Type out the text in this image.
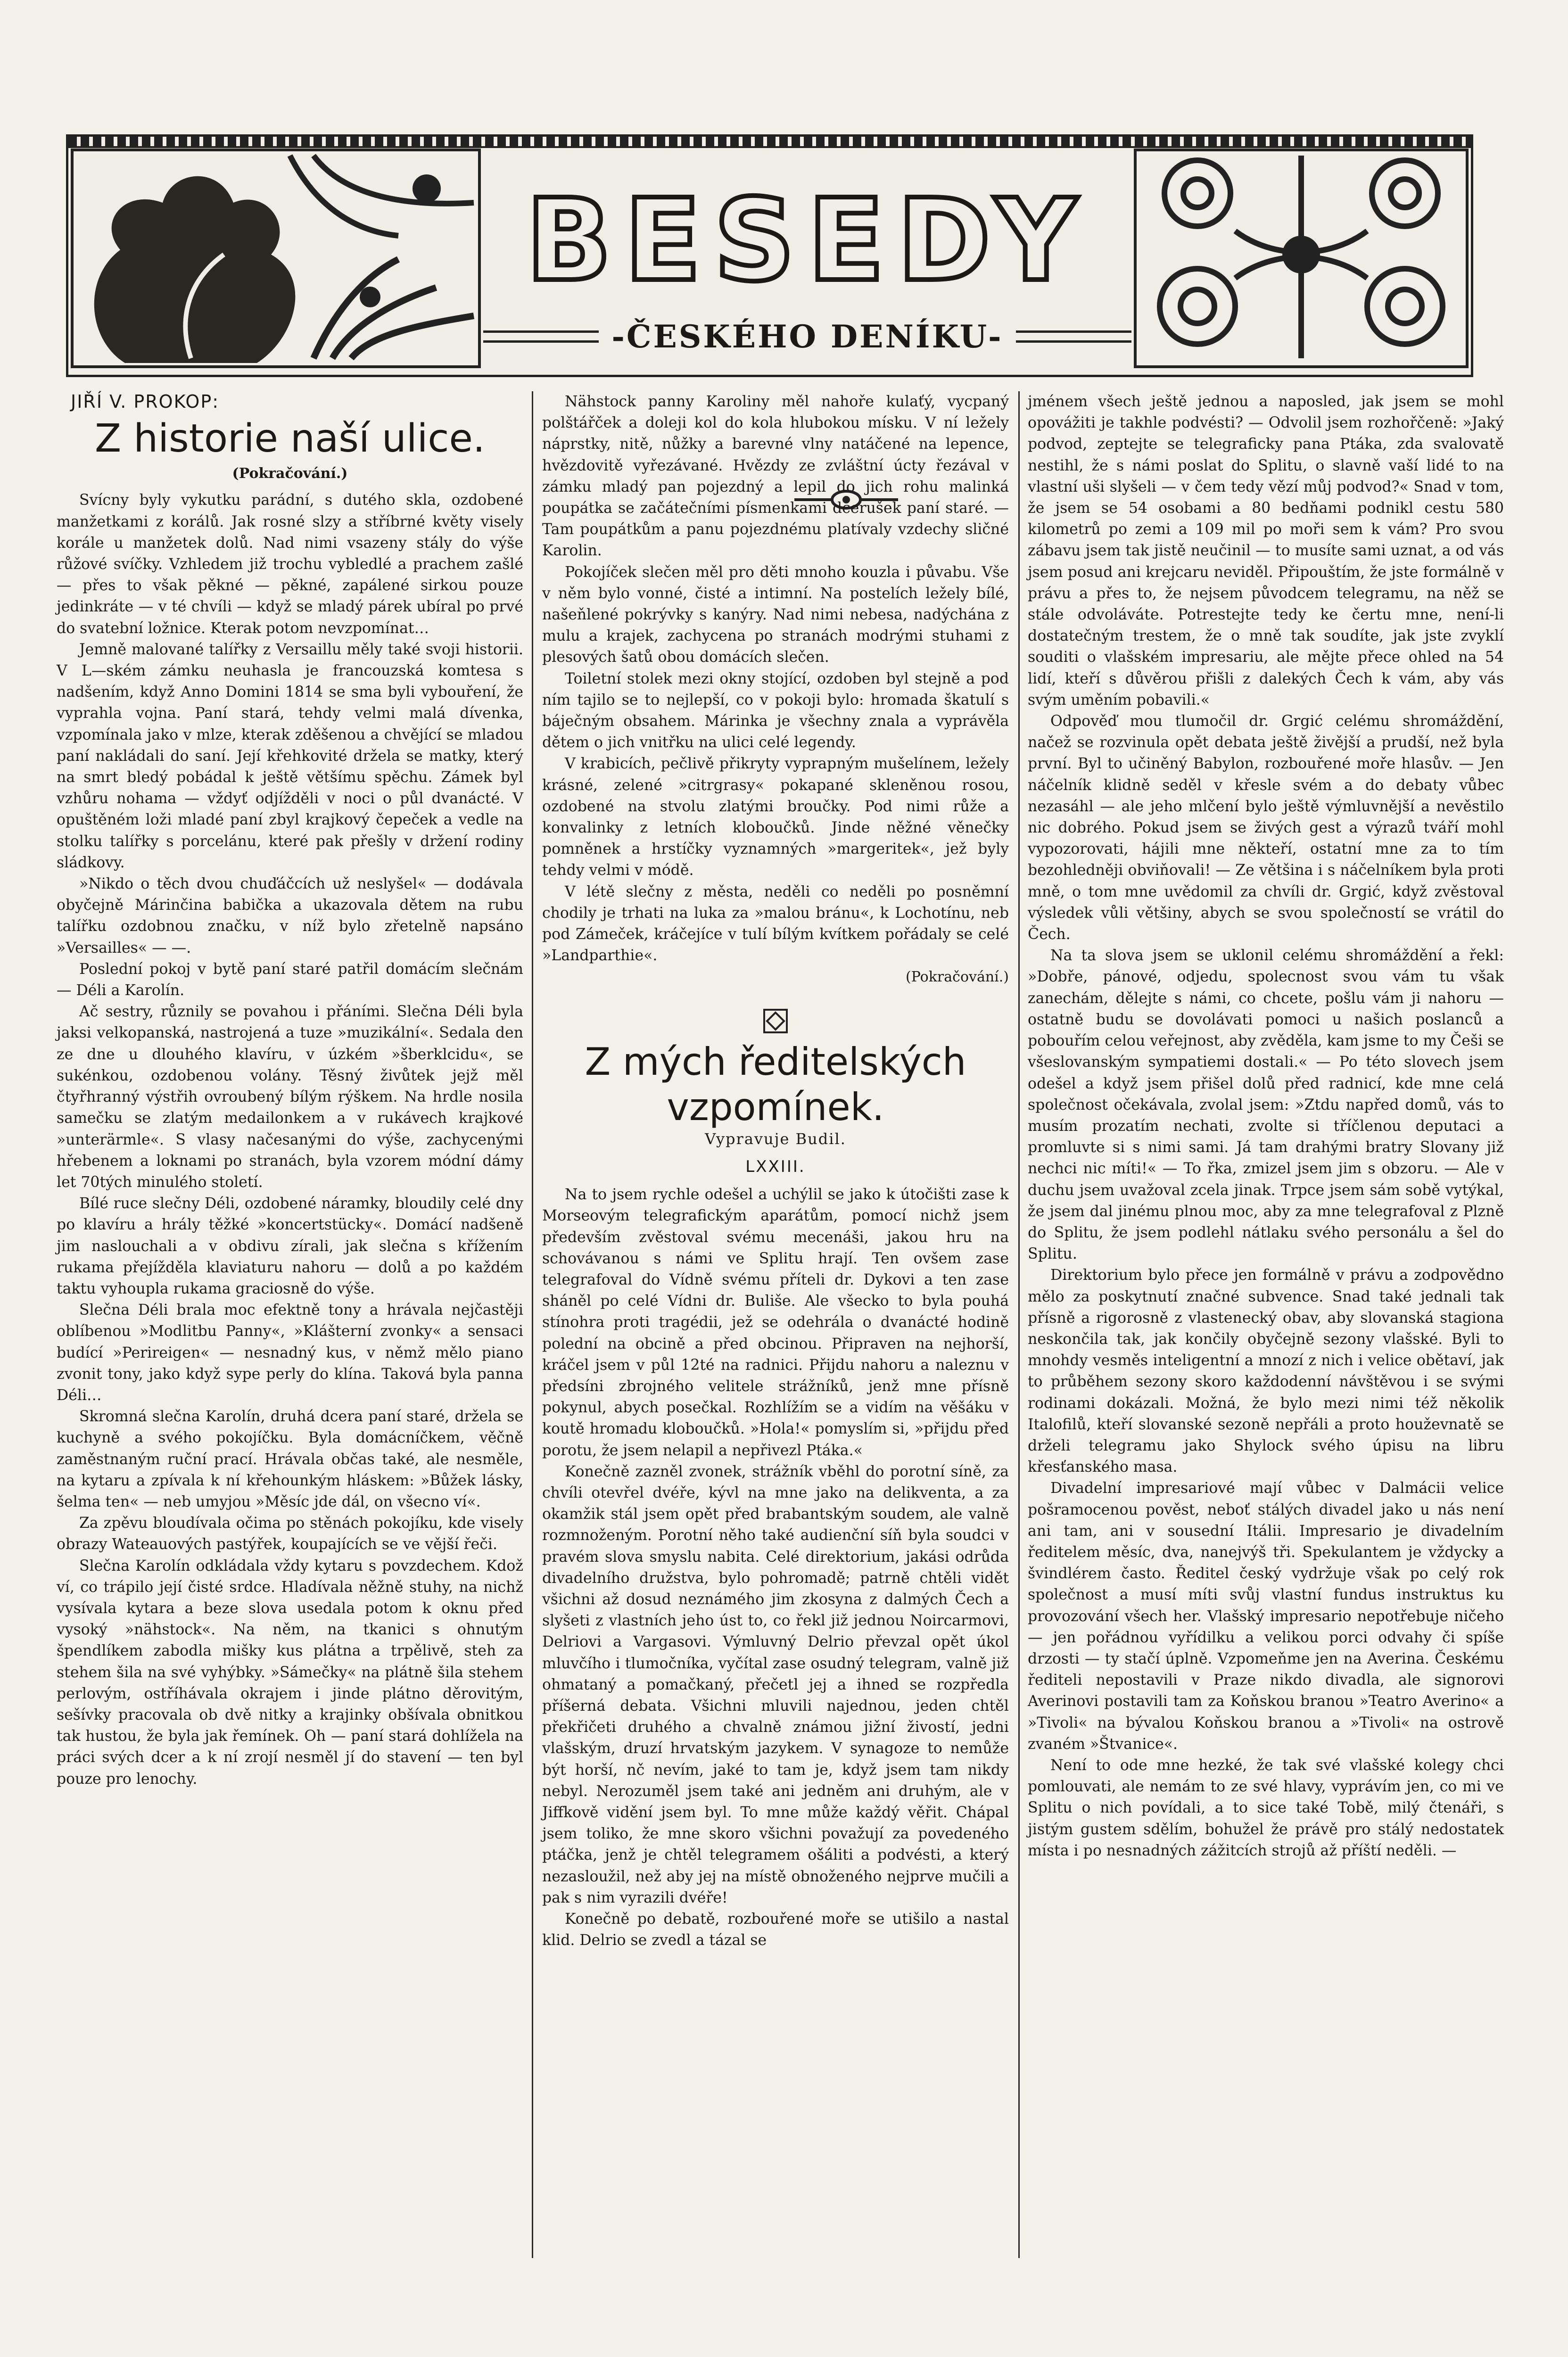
BESEDY
-ČESKÉHO DENÍKU-
JIŘÍ V. PROKOP:
Z historie naší ulice.
(Pokračování.)

Svícny byly vykutku parádní, s dutého skla, ozdobené manžetkami z korálů. Jak rosné slzy a stříbrné květy visely korále u manžetek dolů. Nad nimi vsazeny stály do výše růžové svíčky. Vzhledem již trochu vybledlé a prachem zašlé — přes to však pěkné — pěkné, zapálené sirkou pouze jedinkráte — v té chvíli — když se mladý párek ubíral po prvé do svatební ložnice. Kterak potom nevzpomínat…

Jemně malované talířky z Versaillu měly také svoji historii. V L—ském zámku neuhasla je francouzská komtesa s nadšením, když Anno Domini 1814 se sma byli vybouření, že vyprahla vojna. Paní stará, tehdy velmi malá dívenka, vzpomínala jako v mlze, kterak zděšenou a chvějící se mladou paní nakládali do saní. Její křehkovité držela se matky, který na smrt bledý pobádal k ještě většímu spěchu. Zámek byl vzhůru nohama — vždyť odjížděli v noci o půl dvanácté. V opuštěném loži mladé paní zbyl krajkový čepeček a vedle na stolku talířky s porcelánu, které pak přešly v držení rodiny sládkovy.

»Nikdo o těch dvou chuďáčcích už neslyšel« — dodávala obyčejně Márinčina babička a ukazovala dětem na rubu talířku ozdobnou značku, v níž bylo zřetelně napsáno »Versailles« — —.

Poslední pokoj v bytě paní staré patřil domácím slečnám — Déli a Karolín.

Ač sestry, různily se povahou i přáními. Slečna Déli byla jaksi velkopanská, nastrojená a tuze »muzikální«. Sedala den ze dne u dlouhého klavíru, v úzkém »šberklcidu«, se sukénkou, ozdobenou volány. Těsný živůtek jejž měl čtyřhranný výstřih ovroubený bílým rýškem. Na hrdle nosila samečku se zlatým medailonkem a v rukávech krajkové »unterärmle«. S vlasy načesanými do výše, zachycenými hřebenem a loknami po stranách, byla vzorem módní dámy let 70tých minulého století.

Bílé ruce slečny Déli, ozdobené náramky, bloudily celé dny po klavíru a hrály těžké »koncertstücky«. Domácí nadšeně jim naslouchali a v obdivu zírali, jak slečna s křížením rukama přejížděla klaviaturu nahoru — dolů a po každém taktu vyhoupla rukama graciosně do výše.

Slečna Déli brala moc efektně tony a hrávala nejčastěji oblíbenou »Modlitbu Panny«, »Klášterní zvonky« a sensaci budící »Perireigen« — nesnadný kus, v němž mělo piano zvonit tony, jako když sype perly do klína. Taková byla panna Déli…

Skromná slečna Karolín, druhá dcera paní staré, držela se kuchyně a svého pokojíčku. Byla domácníčkem, věčně zaměstnaným ruční prací. Hrávala občas také, ale nesměle, na kytaru a zpívala k ní křehounkým hláskem: »Bůžek lásky, šelma ten« — neb umyjou »Měsíc jde dál, on všecno ví«.

Za zpěvu bloudívala očima po stěnách pokojíku, kde visely obrazy Wateauových pastýřek, koupajících se ve vější řeči.

Slečna Karolín odkládala vždy kytaru s povzdechem. Kdož ví, co trápilo její čisté srdce. Hladívala něžně stuhy, na nichž vysívala kytara a beze slova usedala potom k oknu před vysoký »nähstock«. Na něm, na tkanici s ohnutým špendlíkem zabodla mišky kus plátna a trpělivě, steh za stehem šila na své vyhýbky. »Sámečky« na plátně šila stehem perlovým, ostříhávala okrajem i jinde plátno děrovitým, sešívky pracovala ob dvě nitky a krajinky obšívala obnitkou tak hustou, že byla jak řemínek. Oh — paní stará dohlížela na práci svých dcer a k ní zrojí nesměl jí do stavení — ten byl pouze pro lenochy.

Nähstock panny Karoliny měl nahoře kulaťý, vycpaný polštářček a doleji kol do kola hlubokou mísku. V ní ležely náprstky, nitě, nůžky a barevné vlny natáčené na lepence, hvězdovitě vyřezávané. Hvězdy ze zvláštní úcty řezával v zámku mladý pan pojezdný a lepil do jich rohu malinká poupátka se začátečními písmenkami dcerušek paní staré. — Tam poupátkům a panu pojezdnému platívaly vzdechy sličné Karolin.

Pokojíček slečen měl pro děti mnoho kouzla i půvabu. Vše v něm bylo vonné, čisté a intimní. Na postelích ležely bílé, našeňlené pokrývky s kanýry. Nad nimi nebesa, nadýchána z mulu a krajek, zachycena po stranách modrými stuhami z plesových šatů obou domácích slečen.

Toiletní stolek mezi okny stojící, ozdoben byl stejně a pod ním tajilo se to nejlepší, co v pokoji bylo: hromada škatulí s báječným obsahem. Márinka je všechny znala a vyprávěla dětem o jich vnitřku na ulici celé legendy.

V krabicích, pečlivě přikryty vyprapným mušelínem, ležely krásné, zelené »citrgrasy« pokapané skleněnou rosou, ozdobené na stvolu zlatými broučky. Pod nimi růže a konvalinky z letních kloboučků. Jinde něžné věnečky pomněnek a hrstíčky vyznamných »margeritek«, jež byly tehdy velmi v módě.

V létě slečny z města, neděli co neděli po posněmní chodily je trhati na luka za »malou bránu«, k Lochotínu, neb pod Zámeček, kráčejíce v tulí bílým kvítkem pořádaly se celé »Landparthie«.

(Pokračování.)

Z mých ředitelských
vzpomínek.
Vypravuje Budil.
LXXIII.

Na to jsem rychle odešel a uchýlil se jako k útočišti zase k Morseovým telegrafickým aparátům, pomocí nichž jsem především zvěstoval svému mecenáši, jakou hru na schovávanou s námi ve Splitu hrají. Ten ovšem zase telegrafoval do Vídně svému příteli dr. Dykovi a ten zase sháněl po celé Vídni dr. Buliše. Ale všecko to byla pouhá stínohra proti tragédii, jež se odehrála o dvanácté hodině polední na obcině a před obcinou. Připraven na nejhorší, kráčel jsem v půl 12té na radnici. Přijdu nahoru a naleznu v předsíni zbrojného velitele strážníků, jenž mne přísně pokynul, abych posečkal. Rozhlížím se a vidím na věšáku v koutě hromadu kloboučků. »Hola!« pomyslím si, »přijdu před porotu, že jsem nelapil a nepřivezl Ptáka.«

Konečně zazněl zvonek, strážník vběhl do porotní síně, za chvíli otevřel dvéře, kývl na mne jako na delikventa, a za okamžik stál jsem opět před brabantským soudem, ale valně rozmnoženým. Porotní něho také audienční síň byla soudci v pravém slova smyslu nabita. Celé direktorium, jakási odrůda divadelního družstva, bylo pohromadě; patrně chtěli vidět všichni až dosud neznámého jim zkosyna z dalmých Čech a slyšeti z vlastních jeho úst to, co řekl již jednou Noircarmovi, Delriovi a Vargasovi. Výmluvný Delrio převzal opět úkol mluvčího i tlumočníka, vyčítal zase osudný telegram, valně již ohmataný a pomačkaný, přečetl jej a ihned se rozpředla příšerná debata. Všichni mluvili najednou, jeden chtěl překřičeti druhého a chvalně známou jižní živostí, jedni vlašským, druzí hrvatským jazykem. V synagoze to nemůže být horší, nč nevím, jaké to tam je, když jsem tam nikdy nebyl. Nerozuměl jsem také ani jedněm ani druhým, ale v Jiffkově vidění jsem byl. To mne může každý věřit. Chápal jsem toliko, že mne skoro všichni považují za povedeného ptáčka, jenž je chtěl telegramem ošáliti a podvésti, a který nezasloužil, než aby jej na místě obnoženého nejprve mučili a pak s nim vyrazili dvéře!

Konečně po debatě, rozbouřené moře se utišilo a nastal klid. Delrio se zvedl a tázal se

jménem všech ještě jednou a naposled, jak jsem se mohl opovážiti je takhle podvésti? — Odvolil jsem rozhořčeně: »Jaký podvod, zeptejte se telegraficky pana Ptáka, zda svalovatě nestihl, že s námi poslat do Splitu, o slavně vaší lidé to na vlastní uši slyšeli — v čem tedy vězí můj podvod?« Snad v tom, že jsem se 54 osobami a 80 bedňami podnikl cestu 580 kilometrů po zemi a 109 mil po moři sem k vám? Pro svou zábavu jsem tak jistě neučinil — to musíte sami uznat, a od vás jsem posud ani krejcaru neviděl. Připouštím, že jste formálně v právu a přes to, že nejsem původcem telegramu, na něž se stále odvoláváte. Potrestejte tedy ke čertu mne, není-li dostatečným trestem, že o mně tak soudíte, jak jste zvyklí souditi o vlašském impresariu, ale mějte přece ohled na 54 lidí, kteří s důvěrou přišli z dalekých Čech k vám, aby vás svým uměním pobavili.«

Odpověď mou tlumočil dr. Grgić celému shromáždění, načež se rozvinula opět debata ještě živější a prudší, než byla první. Byl to učiněný Babylon, rozbouřené moře hlasův. — Jen náčelník klidně seděl v křesle svém a do debaty vůbec nezasáhl — ale jeho mlčení bylo ještě výmluvnější a nevěstilo nic dobrého. Pokud jsem se živých gest a výrazů tváří mohl vypozorovati, hájili mne někteří, ostatní mne za to tím bezohledněji obviňovali! — Ze většina i s náčelníkem byla proti mně, o tom mne uvědomil za chvíli dr. Grgić, když zvěstoval výsledek vůli většiny, abych se svou společností se vrátil do Čech.

Na ta slova jsem se uklonil celému shromáždění a řekl: »Dobře, pánové, odjedu, spolecnost svou vám tu však zanechám, dělejte s námi, co chcete, pošlu vám ji nahoru — ostatně budu se dovolávati pomoci u našich poslanců a pobouřím celou veřejnost, aby zvěděla, kam jsme to my Češi se všeslovanským sympatiemi dostali.« — Po této slovech jsem odešel a když jsem přišel dolů před radnicí, kde mne celá společnost očekávala, zvolal jsem: »Ztdu napřed domů, vás to musím prozatím nechati, zvolte si tříčlenou deputaci a promluvte si s nimi sami. Já tam drahými bratry Slovany již nechci nic míti!« — To řka, zmizel jsem jim s obzoru. — Ale v duchu jsem uvažoval zcela jinak. Trpce jsem sám sobě vytýkal, že jsem dal jinému plnou moc, aby za mne telegrafoval z Plzně do Splitu, že jsem podlehl nátlaku svého personálu a šel do Splitu.

Direktorium bylo přece jen formálně v právu a zodpovědno mělo za poskytnutí značné subvence. Snad také jednali tak přísně a rigorosně z vlastenecký obav, aby slovanská stagiona neskončila tak, jak končily obyčejně sezony vlašské. Byli to mnohdy vesměs inteligentní a mnozí z nich i velice obětaví, jak to průběhem sezony skoro každodenní návštěvou i se svými rodinami dokázali. Možná, že bylo mezi nimi též několik Italofilů, kteří slovanské sezoně nepřáli a proto houževnatě se drželi telegramu jako Shylock svého úpisu na libru křesťanského masa.

Divadelní impresariové mají vůbec v Dalmácii velice pošramocenou pověst, neboť stálých divadel jako u nás není ani tam, ani v sousední Itálii. Impresario je divadelním ředitelem měsíc, dva, nanejvýš tři. Spekulantem je vždycky a švindlérem často. Ředitel český vydržuje však po celý rok společnost a musí míti svůj vlastní fundus instruktus ku provozování všech her. Vlašský impresario nepotřebuje ničeho — jen pořádnou vyřídilku a velikou porci odvahy či spíše drzosti — ty stačí úplně. Vzpomeňme jen na Averina. Českému řediteli nepostavili v Praze nikdo divadla, ale signorovi Averinovi postavili tam za Koňskou branou »Teatro Averino« a »Tivoli« na bývalou Koňskou branou a »Tivoli« na ostrově zvaném »Štvanice«.

Není to ode mne hezké, že tak své vlašské kolegy chci pomlouvati, ale nemám to ze své hlavy, vyprávím jen, co mi ve Splitu o nich povídali, a to sice také Tobě, milý čtenáři, s jistým gustem sdělím, bohužel že právě pro stálý nedostatek místa i po nesnadných zážitcích strojů až příští neděli. —
